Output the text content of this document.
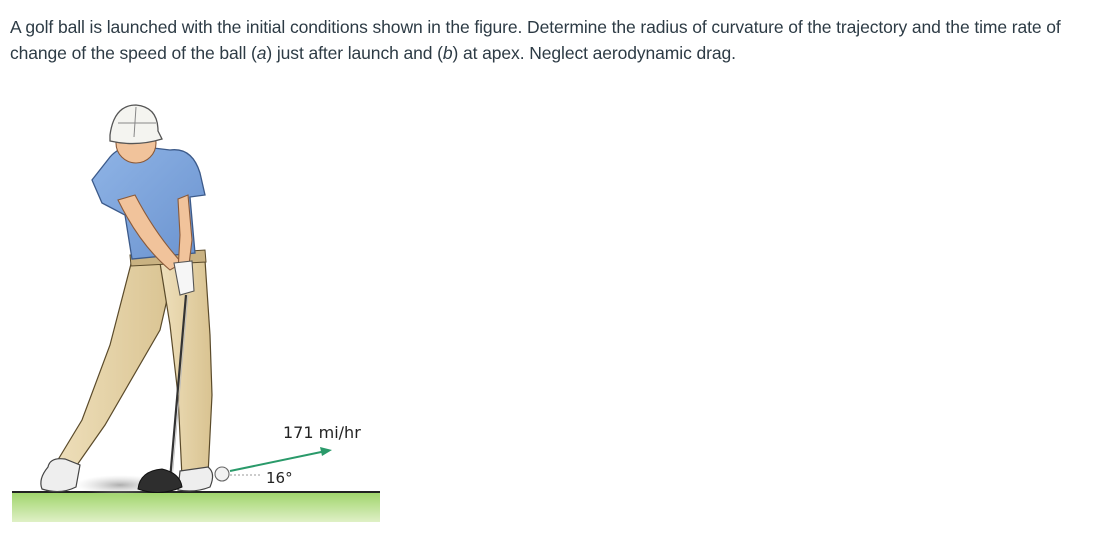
A golf ball is launched with the initial conditions shown in the figure. Determine the radius of curvature of the trajectory and the time rate of change of the speed of the ball (a) just after launch and (b) at apex. Neglect aerodynamic drag.

171 mi/hr
16°
